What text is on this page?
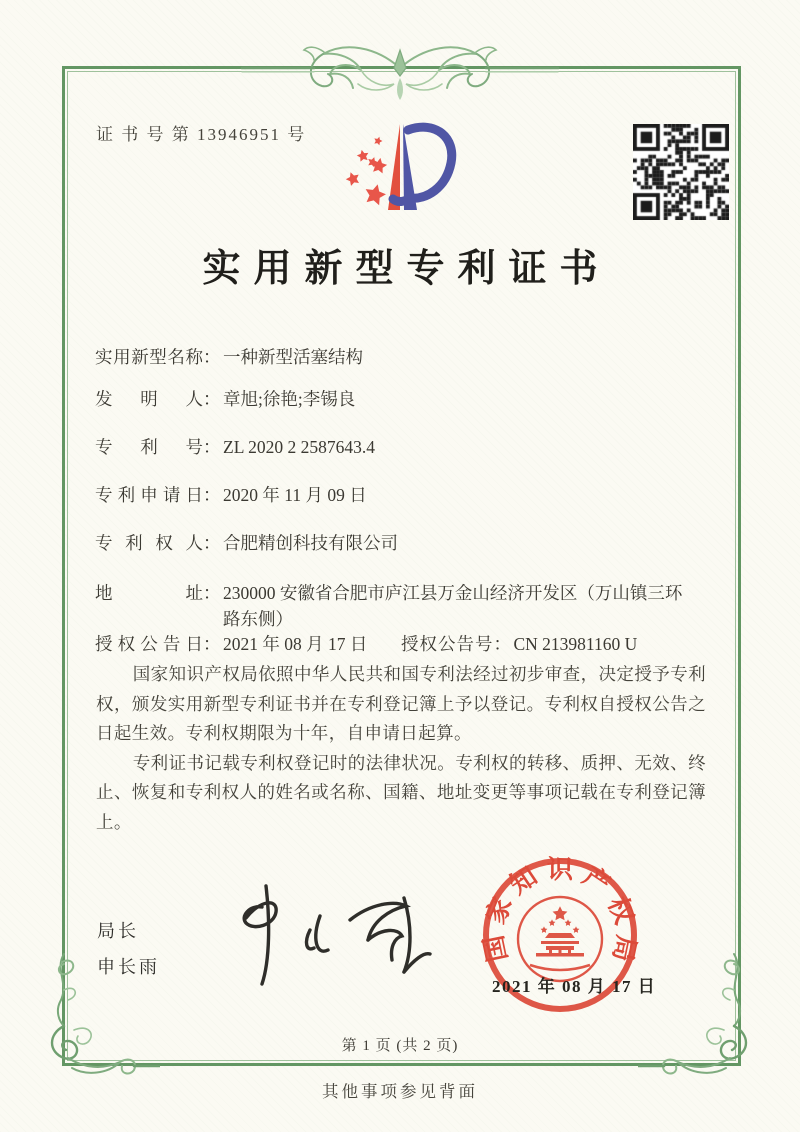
证 书 号 第 13946951 号
实用新型专利证书
实用新型名称 ： 一种新型活塞结构
发明人 ： 章旭;徐艳;李锡良
专利号 ： ZL 2020 2 2587643.4
专利申请日 ： 2020 年 11 月 09 日
专利权人 ： 合肥精创科技有限公司
地址 ： 230000 安徽省合肥市庐江县万金山经济开发区（万山镇三环路东侧）
授权公告日 ： 2021 年 08 月 17 日	授权公告号 ： CN 213981160 U

国家知识产权局依照中华人民共和国专利法经过初步审查，决定授予专利权，颁发实用新型专利证书并在专利登记簿上予以登记。专利权自授权公告之日起生效。专利权期限为十年，自申请日起算。

专利证书记载专利权登记时的法律状况。专利权的转移、质押、无效、终止、恢复和专利权人的姓名或名称、国籍、地址变更等事项记载在专利登记簿上。

局长
申长雨
国家知识产权局
2021 年 08 月 17 日
第 1 页 (共 2 页)
其他事项参见背面
